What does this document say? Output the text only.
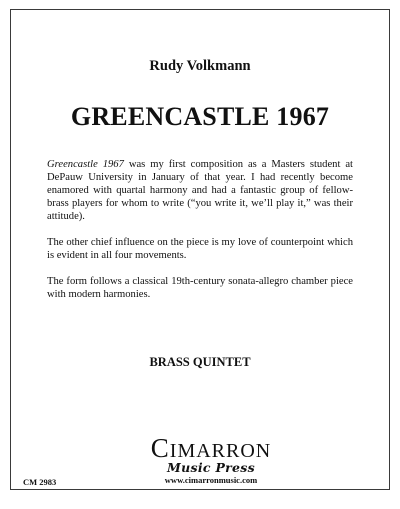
Rudy Volkmann
GREENCASTLE 1967

Greencastle 1967 was my first composition as a Masters student at DePauw University in January of that year. I had recently become enamored with quartal harmony and had a fantastic group of fellow-brass players for whom to write (“you write it, we’ll play it,” was their attitude).

The other chief influence on the piece is my love of counterpoint which is evident in all four movements.

The form follows a classical 19th-century sonata-allegro chamber piece with modern harmonies.

BRASS QUINTET
CIMARRON
Music Press
www.cimarronmusic.com
CM 2983
